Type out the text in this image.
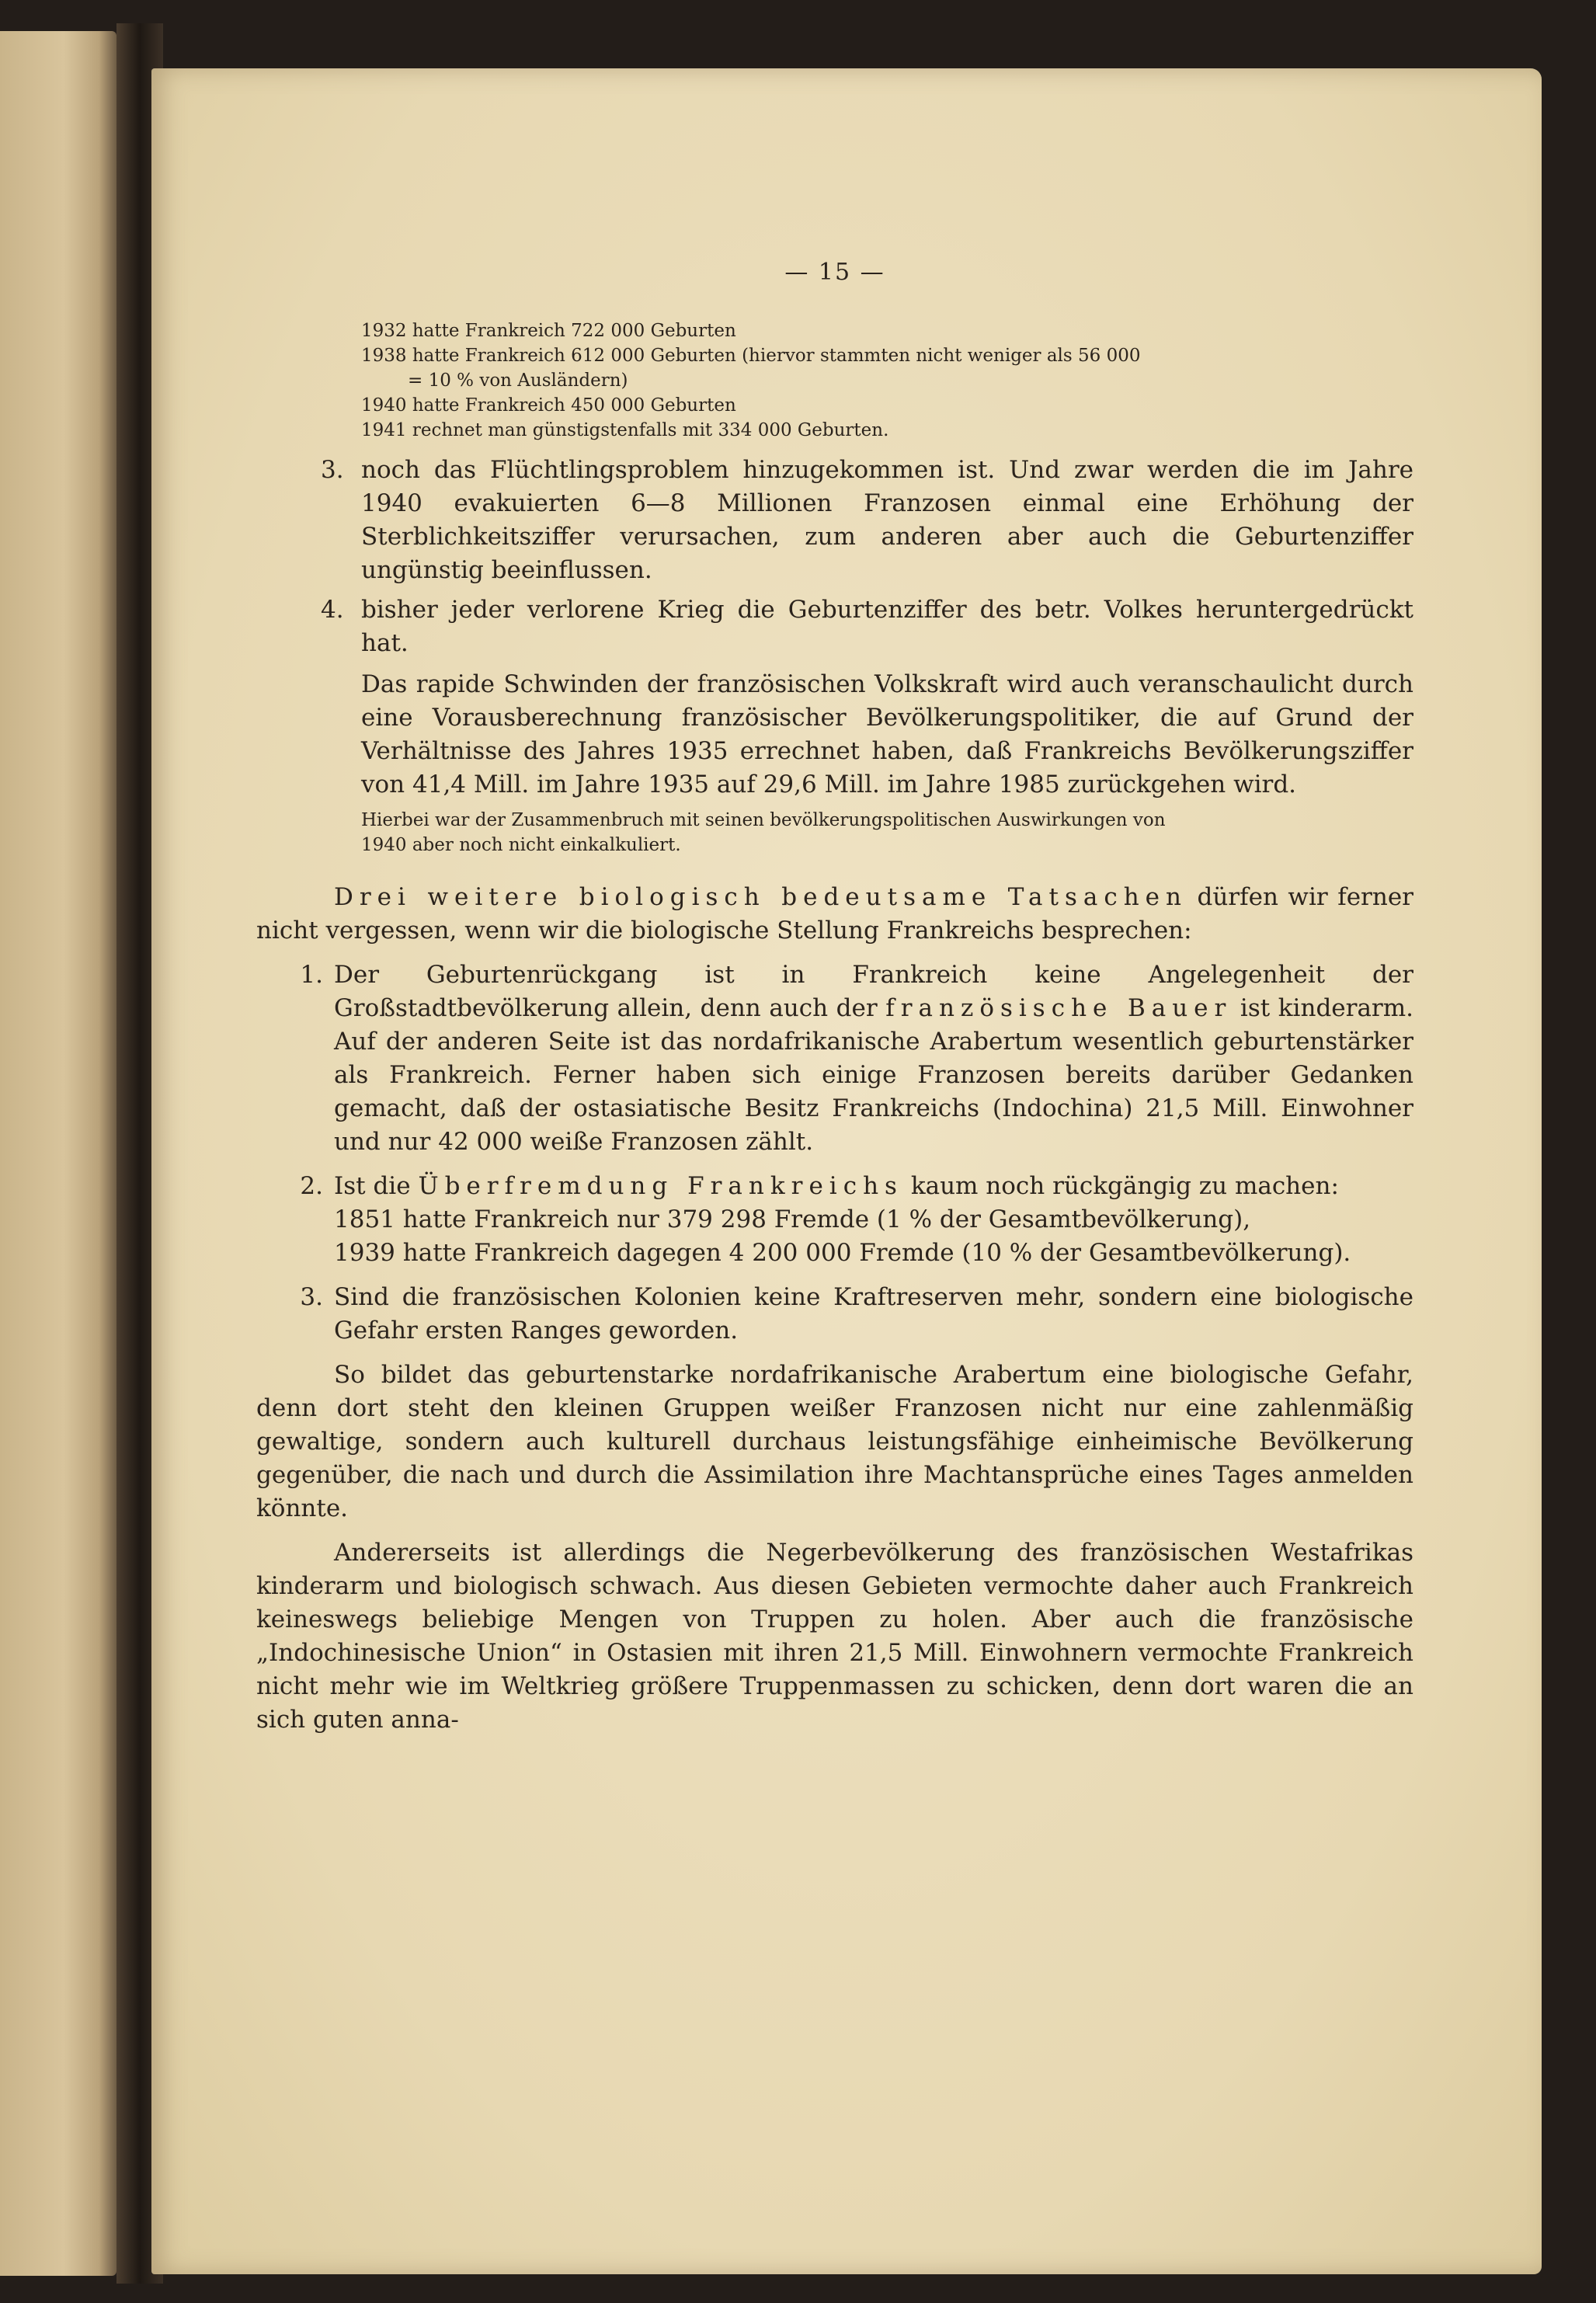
— 15 —

1932 hatte Frankreich 722 000 Geburten

1938 hatte Frankreich 612 000 Geburten (hiervor stammten nicht weniger als 56 000

= 10 % von Ausländern)

1940 hatte Frankreich 450 000 Geburten

1941 rechnet man günstigstenfalls mit 334 000 Geburten.

3. noch das Flüchtlingsproblem hinzugekommen ist. Und zwar werden die im Jahre 1940 evakuierten 6—8 Millionen Franzosen einmal eine Erhöhung der Sterblichkeitsziffer verursachen, zum anderen aber auch die Geburtenziffer ungünstig beeinflussen.
4. bisher jeder verlorene Krieg die Geburtenziffer des betr. Volkes heruntergedrückt hat.

Das rapide Schwinden der französischen Volkskraft wird auch veranschaulicht durch eine Vorausberechnung französischer Bevölkerungspolitiker, die auf Grund der Verhältnisse des Jahres 1935 errechnet haben, daß Frankreichs Bevölkerungsziffer von 41,4 Mill. im Jahre 1935 auf 29,6 Mill. im Jahre 1985 zurückgehen wird.

Hierbei war der Zusammenbruch mit seinen bevölkerungspolitischen Auswirkungen von

1940 aber noch nicht einkalkuliert.

Drei weitere biologisch bedeutsame Tatsachen dürfen wir ferner nicht vergessen, wenn wir die biologische Stellung Frankreichs besprechen:

1. Der Geburtenrückgang ist in Frankreich keine Angelegenheit der Großstadtbevölkerung allein, denn auch der französische Bauer ist kinderarm. Auf der anderen Seite ist das nordafrikanische Arabertum wesentlich geburtenstärker als Frankreich. Ferner haben sich einige Franzosen bereits darüber Gedanken gemacht, daß der ostasiatische Besitz Frankreichs (Indochina) 21,5 Mill. Einwohner und nur 42 000 weiße Franzosen zählt.
2. Ist die Überfremdung Frankreichs kaum noch rückgängig zu machen:
1851 hatte Frankreich nur 379 298 Fremde (1 % der Gesamtbevölkerung),
1939 hatte Frankreich dagegen 4 200 000 Fremde (10 % der Gesamtbevölkerung).
3. Sind die französischen Kolonien keine Kraftreserven mehr, sondern eine biologische Gefahr ersten Ranges geworden.

So bildet das geburtenstarke nordafrikanische Arabertum eine biologische Gefahr, denn dort steht den kleinen Gruppen weißer Franzosen nicht nur eine zahlenmäßig gewaltige, sondern auch kulturell durchaus leistungsfähige einheimische Bevölkerung gegenüber, die nach und durch die Assimilation ihre Machtansprüche eines Tages anmelden könnte.

Andererseits ist allerdings die Negerbevölkerung des französischen Westafrikas kinderarm und biologisch schwach. Aus diesen Gebieten vermochte daher auch Frankreich keineswegs beliebige Mengen von Truppen zu holen. Aber auch die französische „Indochinesische Union“ in Ostasien mit ihren 21,5 Mill. Einwohnern vermochte Frankreich nicht mehr wie im Weltkrieg größere Truppenmassen zu schicken, denn dort waren die an sich guten anna-
